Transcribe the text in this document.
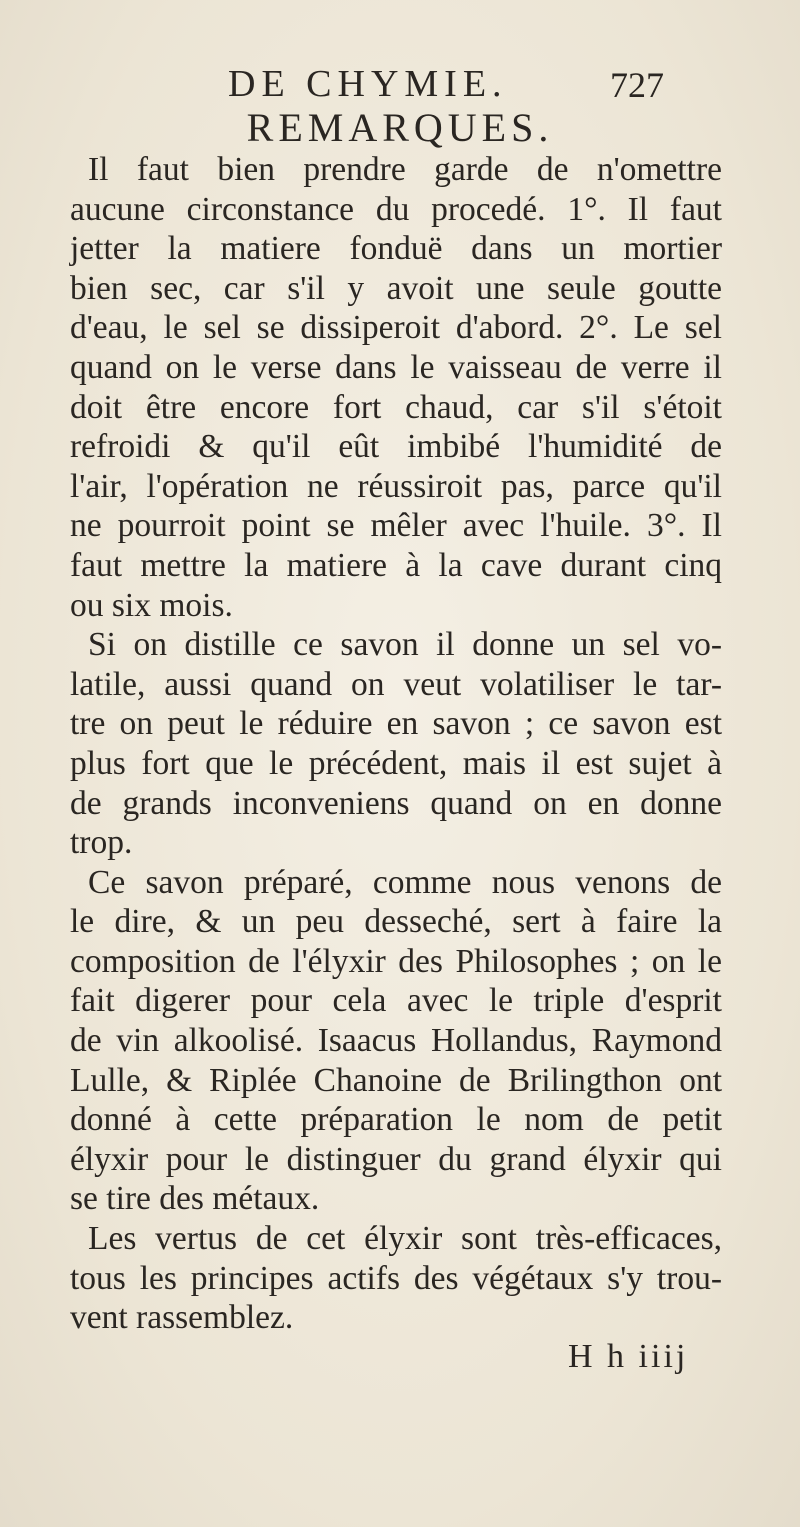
DE CHYMIE.	727
REMARQUES.
Il faut bien prendre garde de n'omettre
aucune circonstance du procedé. 1°. Il faut
jetter la matiere fonduë dans un mortier
bien sec, car s'il y avoit une seule goutte
d'eau, le sel se dissiperoit d'abord. 2°. Le sel
quand on le verse dans le vaisseau de verre il
doit être encore fort chaud, car s'il s'étoit
refroidi & qu'il eût imbibé l'humidité de
l'air, l'opération ne réussiroit pas, parce qu'il
ne pourroit point se mêler avec l'huile. 3°. Il
faut mettre la matiere à la cave durant cinq
ou six mois.
Si on distille ce savon il donne un sel vo-
latile, aussi quand on veut volatiliser le tar-
tre on peut le réduire en savon ; ce savon est
plus fort que le précédent, mais il est sujet à
de grands inconveniens quand on en donne
trop.
Ce savon préparé, comme nous venons de
le dire, & un peu desseché, sert à faire la
composition de l'élyxir des Philosophes ; on le
fait digerer pour cela avec le triple d'esprit
de vin alkoolisé. Isaacus Hollandus, Raymond
Lulle, & Riplée Chanoine de Brilingthon ont
donné à cette préparation le nom de petit
élyxir pour le distinguer du grand élyxir qui
se tire des métaux.
Les vertus de cet élyxir sont très-efficaces,
tous les principes actifs des végétaux s'y trou-
vent rassemblez.
H h iiij
